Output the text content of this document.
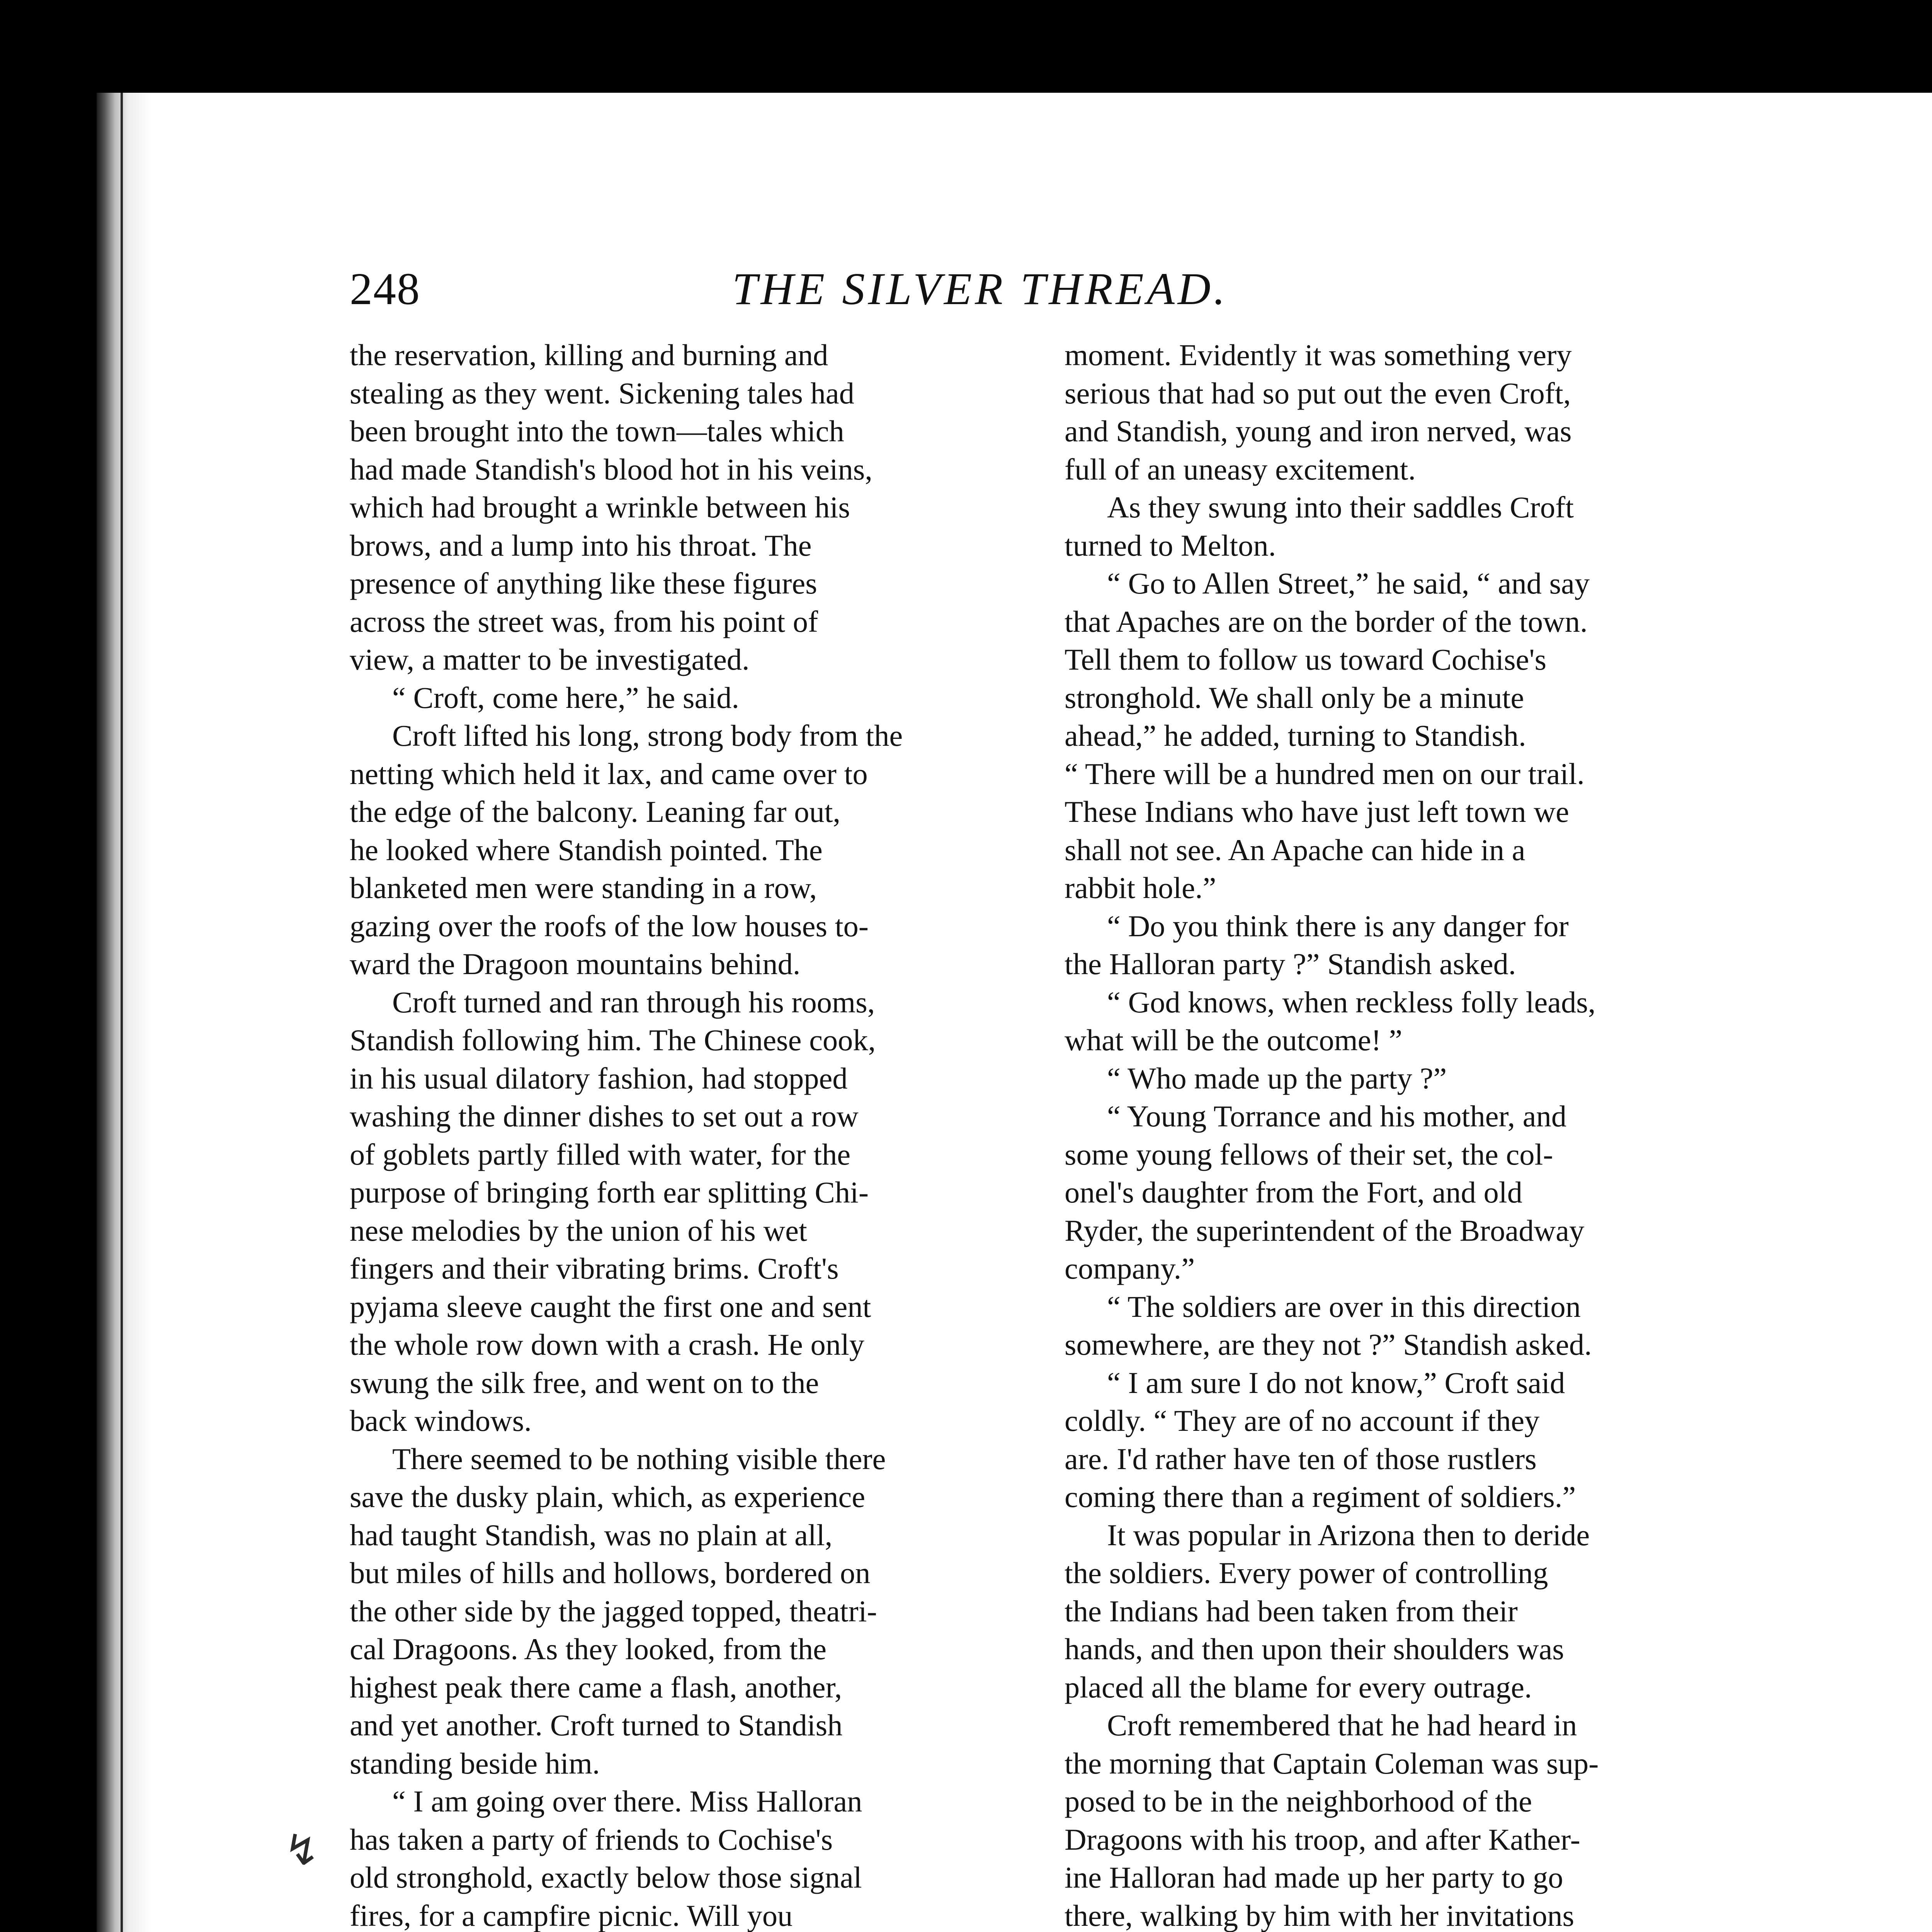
248	THE SILVER THREAD.
↯
the reservation, killing and burning and
stealing as they went. Sickening tales had
been brought into the town—tales which
had made Standish's blood hot in his veins,
which had brought a wrinkle between his
brows, and a lump into his throat. The
presence of anything like these figures
across the street was, from his point of
view, a matter to be investigated.
“ Croft, come here,” he said.
Croft lifted his long, strong body from the
netting which held it lax, and came over to
the edge of the balcony. Leaning far out,
he looked where Standish pointed. The
blanketed men were standing in a row,
gazing over the roofs of the low houses to-
ward the Dragoon mountains behind.
Croft turned and ran through his rooms,
Standish following him. The Chinese cook,
in his usual dilatory fashion, had stopped
washing the dinner dishes to set out a row
of goblets partly filled with water, for the
purpose of bringing forth ear splitting Chi-
nese melodies by the union of his wet
fingers and their vibrating brims. Croft's
pyjama sleeve caught the first one and sent
the whole row down with a crash. He only
swung the silk free, and went on to the
back windows.
There seemed to be nothing visible there
save the dusky plain, which, as experience
had taught Standish, was no plain at all,
but miles of hills and hollows, bordered on
the other side by the jagged topped, theatri-
cal Dragoons. As they looked, from the
highest peak there came a flash, another,
and yet another. Croft turned to Standish
standing beside him.
“ I am going over there. Miss Halloran
has taken a party of friends to Cochise's
old stronghold, exactly below those signal
fires, for a campfire picnic. Will you
moment. Evidently it was something very
serious that had so put out the even Croft,
and Standish, young and iron nerved, was
full of an uneasy excitement.
As they swung into their saddles Croft
turned to Melton.
“ Go to Allen Street,” he said, “ and say
that Apaches are on the border of the town.
Tell them to follow us toward Cochise's
stronghold. We shall only be a minute
ahead,” he added, turning to Standish.
“ There will be a hundred men on our trail.
These Indians who have just left town we
shall not see. An Apache can hide in a
rabbit hole.”
“ Do you think there is any danger for
the Halloran party ?” Standish asked.
“ God knows, when reckless folly leads,
what will be the outcome! ”
“ Who made up the party ?”
“ Young Torrance and his mother, and
some young fellows of their set, the col-
onel's daughter from the Fort, and old
Ryder, the superintendent of the Broadway
company.”
“ The soldiers are over in this direction
somewhere, are they not ?” Standish asked.
“ I am sure I do not know,” Croft said
coldly. “ They are of no account if they
are. I'd rather have ten of those rustlers
coming there than a regiment of soldiers.”
It was popular in Arizona then to deride
the soldiers. Every power of controlling
the Indians had been taken from their
hands, and then upon their shoulders was
placed all the blame for every outrage.
Croft remembered that he had heard in
the morning that Captain Coleman was sup-
posed to be in the neighborhood of the
Dragoons with his troop, and after Kather-
ine Halloran had made up her party to go
there, walking by him with her invitations
